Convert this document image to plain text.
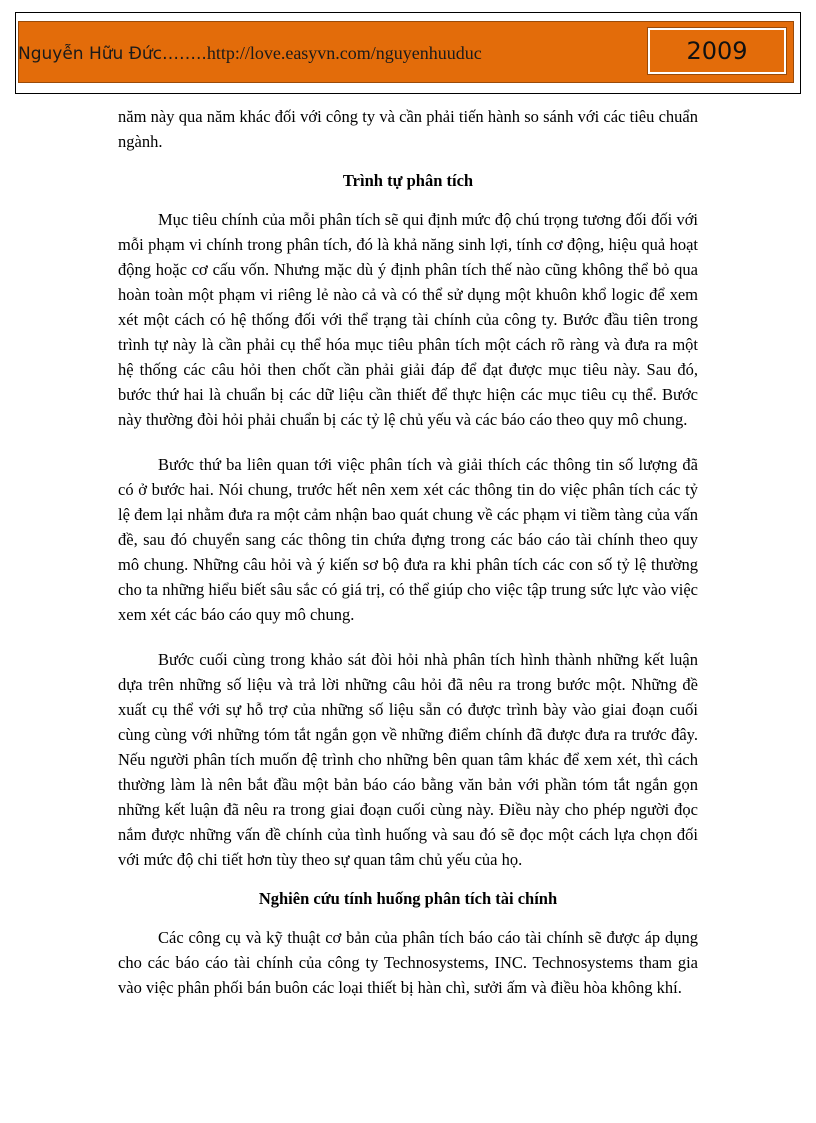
Nguyễn Hữu Đức……..http://love.easyvn.com/nguyenhuuduc	2009

năm này qua năm khác đối với công ty và cần phải tiến hành so sánh với các tiêu chuẩn ngành.

Trình tự phân tích

Mục tiêu chính của mỗi phân tích sẽ qui định mức độ chú trọng tương đối đối với mỗi phạm vi chính trong phân tích, đó là khả năng sinh lợi, tính cơ động, hiệu quả hoạt động hoặc cơ cấu vốn. Nhưng mặc dù ý định phân tích thế nào cũng không thể bỏ qua hoàn toàn một phạm vi riêng lẻ nào cả và có thể sử dụng một khuôn khổ logic để xem xét một cách có hệ thống đối với thể trạng tài chính của công ty. Bước đầu tiên trong trình tự này là cần phải cụ thể hóa mục tiêu phân tích một cách rõ ràng và đưa ra một hệ thống các câu hỏi then chốt cần phải giải đáp để đạt được mục tiêu này. Sau đó, bước thứ hai là chuẩn bị các dữ liệu cần thiết để thực hiện các mục tiêu cụ thể. Bước này thường đòi hỏi phải chuẩn bị các tỷ lệ chủ yếu và các báo cáo theo quy mô chung.

Bước thứ ba liên quan tới việc phân tích và giải thích các thông tin số lượng đã có ở bước hai. Nói chung, trước hết nên xem xét các thông tin do việc phân tích các tỷ lệ đem lại nhằm đưa ra một cảm nhận bao quát chung về các phạm vi tiềm tàng của vấn đề, sau đó chuyển sang các thông tin chứa đựng trong các báo cáo tài chính theo quy mô chung. Những câu hỏi và ý kiến sơ bộ đưa ra khi phân tích các con số tỷ lệ thường cho ta những hiểu biết sâu sắc có giá trị, có thể giúp cho việc tập trung sức lực vào việc xem xét các báo cáo quy mô chung.

Bước cuối cùng trong khảo sát đòi hỏi nhà phân tích hình thành những kết luận dựa trên những số liệu và trả lời những câu hỏi đã nêu ra trong bước một. Những đề xuất cụ thể với sự hỗ trợ của những số liệu sẵn có được trình bày vào giai đoạn cuối cùng cùng với những tóm tắt ngắn gọn về những điểm chính đã được đưa ra trước đây. Nếu người phân tích muốn đệ trình cho những bên quan tâm khác để xem xét, thì cách thường làm là nên bắt đầu một bản báo cáo bằng văn bản với phần tóm tắt ngắn gọn những kết luận đã nêu ra trong giai đoạn cuối cùng này. Điều này cho phép người đọc nắm được những vấn đề chính của tình huống và sau đó sẽ đọc một cách lựa chọn đối với mức độ chi tiết hơn tùy theo sự quan tâm chủ yếu của họ.

Nghiên cứu tính huống phân tích tài chính

Các công cụ và kỹ thuật cơ bản của phân tích báo cáo tài chính sẽ được áp dụng cho các báo cáo tài chính của công ty Technosystems, INC. Technosystems tham gia vào việc phân phối bán buôn các loại thiết bị hàn chì, sưởi ấm và điều hòa không khí.
